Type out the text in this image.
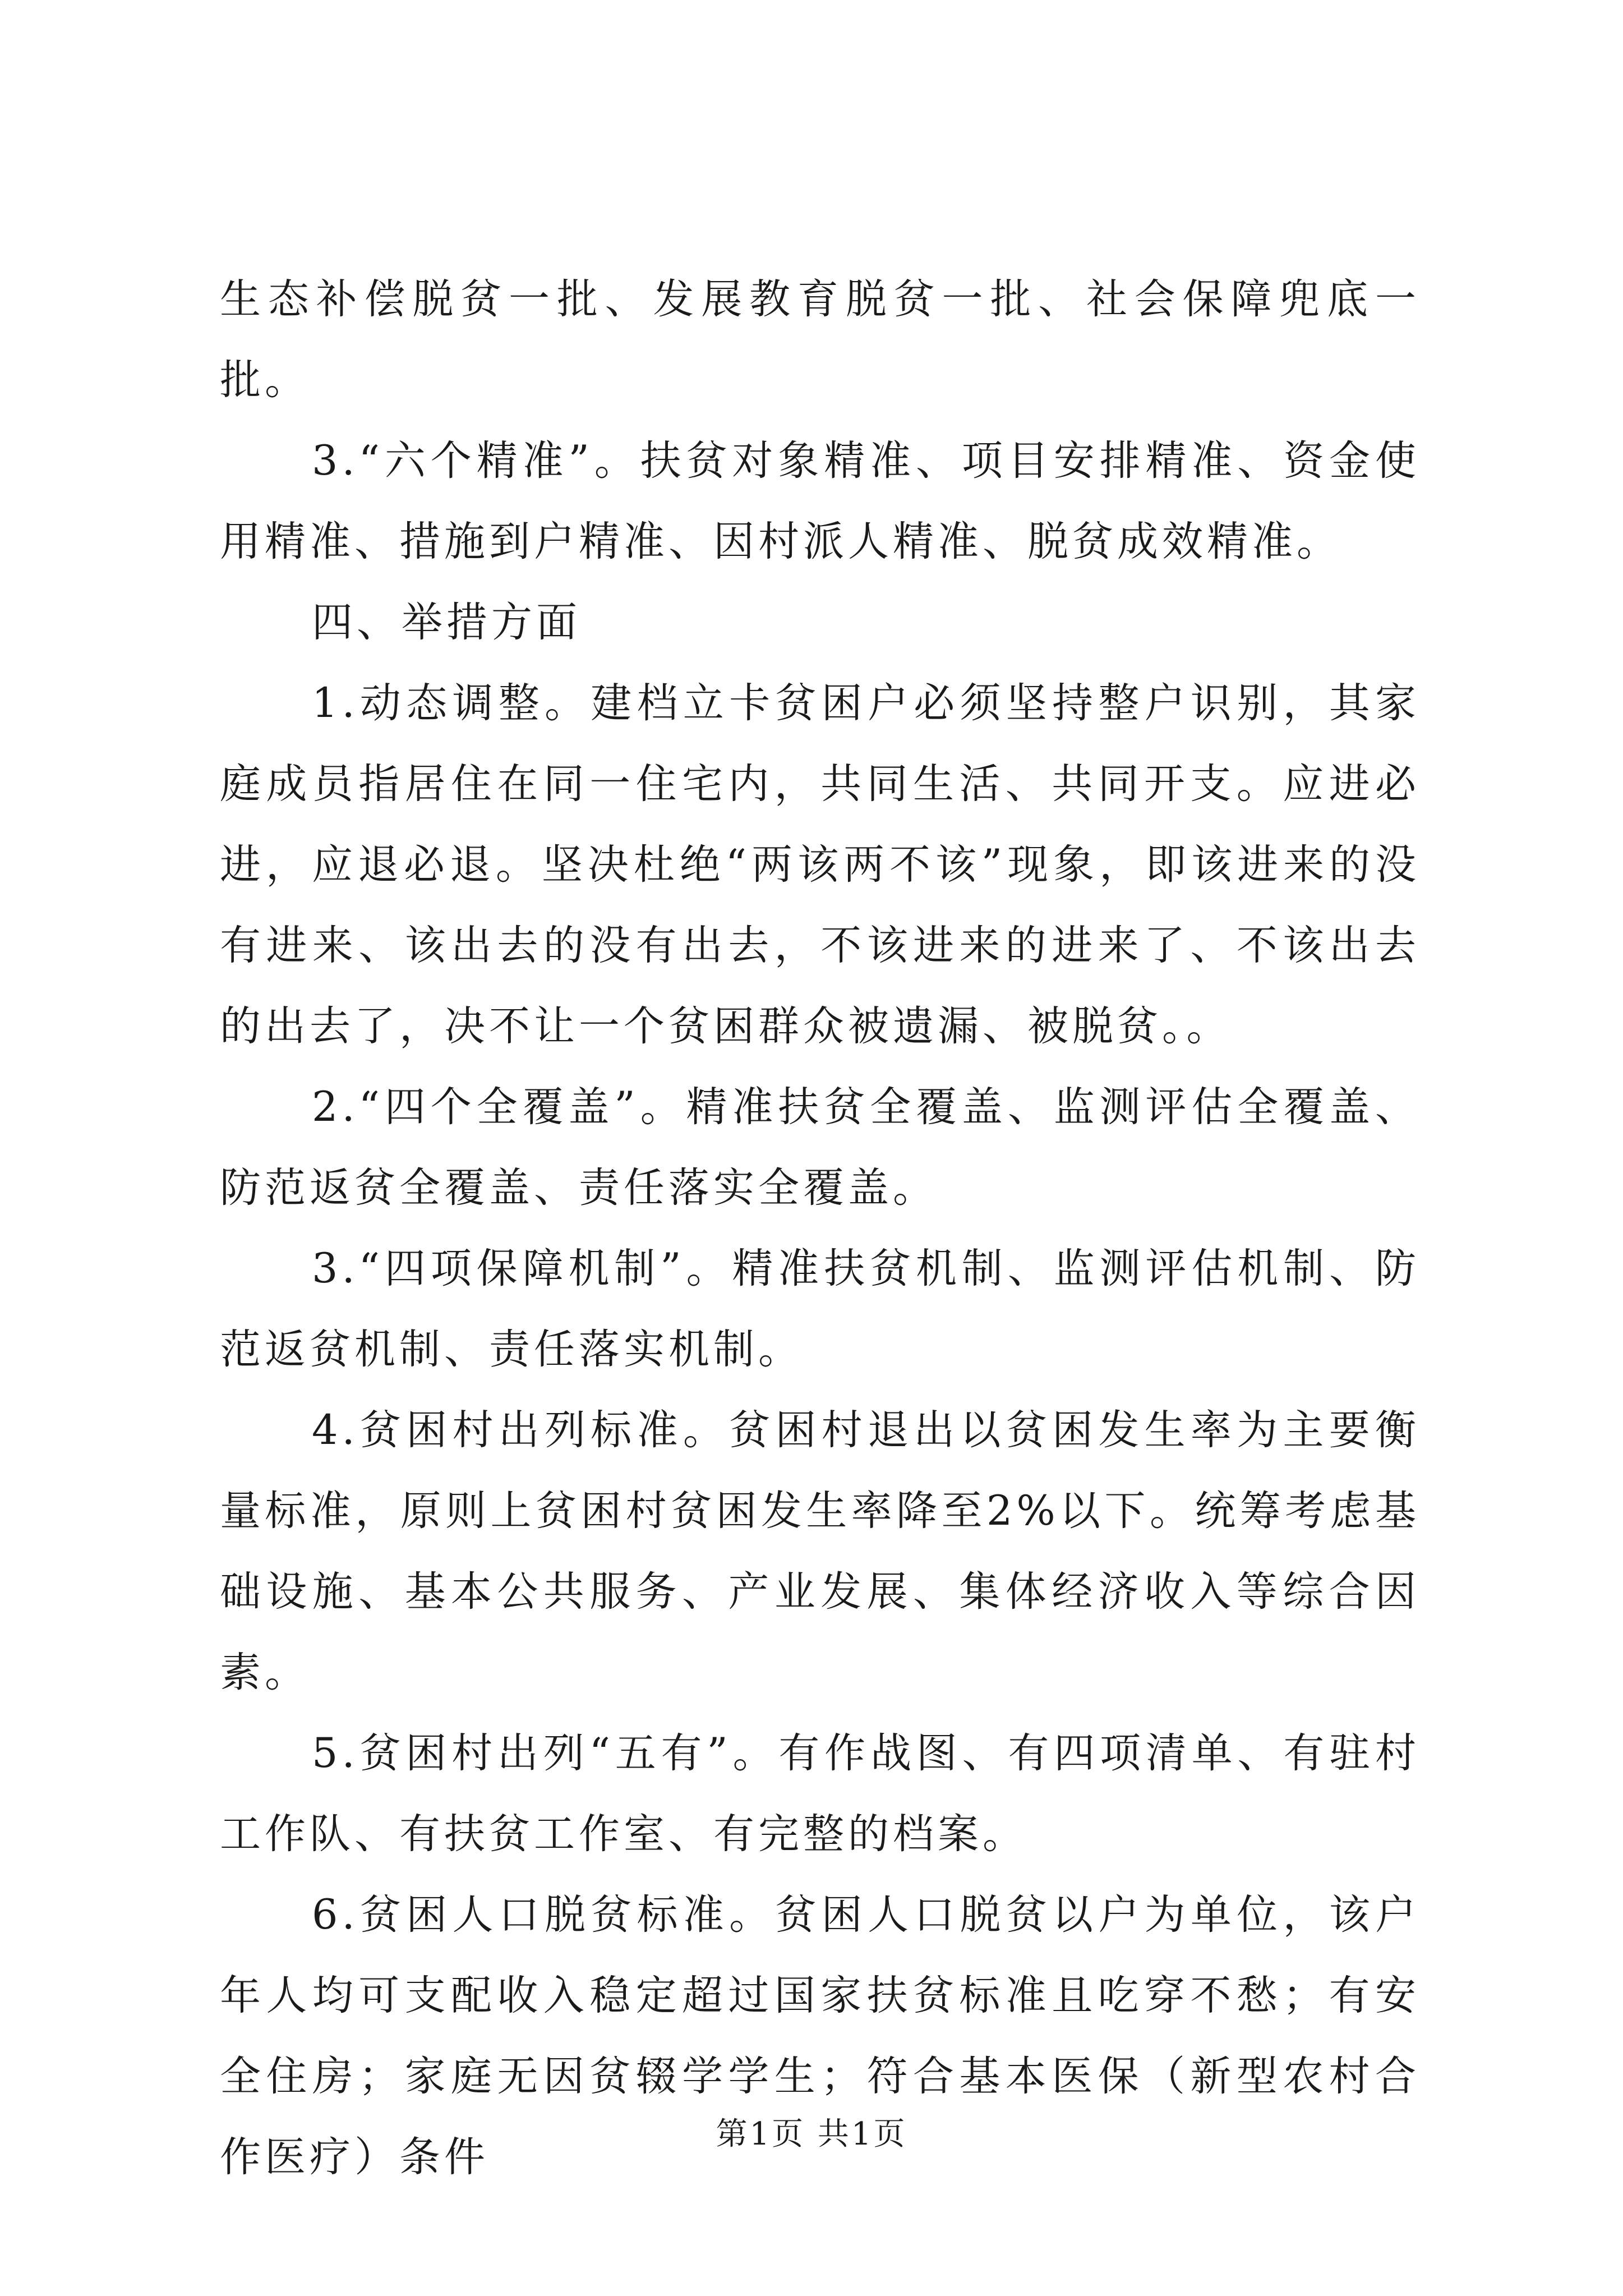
生态补偿脱贫一批、发展教育脱贫一批、社会保障兜底一批。

3.“六个精准”。扶贫对象精准、项目安排精准、资金使用精准、措施到户精准、因村派人精准、脱贫成效精准。

四、举措方面

1.动态调整。建档立卡贫困户必须坚持整户识别，其家庭成员指居住在同一住宅内，共同生活、共同开支。应进必进，应退必退。坚决杜绝“两该两不该”现象，即该进来的没有进来、该出去的没有出去，不该进来的进来了、不该出去的出去了，决不让一个贫困群众被遗漏、被脱贫。。

2.“四个全覆盖”。精准扶贫全覆盖、监测评估全覆盖、防范返贫全覆盖、责任落实全覆盖。

3.“四项保障机制”。精准扶贫机制、监测评估机制、防范返贫机制、责任落实机制。

4.贫困村出列标准。贫困村退出以贫困发生率为主要衡量标准，原则上贫困村贫困发生率降至2%以下。统筹考虑基础设施、基本公共服务、产业发展、集体经济收入等综合因素。

5.贫困村出列“五有”。有作战图、有四项清单、有驻村工作队、有扶贫工作室、有完整的档案。

6.贫困人口脱贫标准。贫困人口脱贫以户为单位，该户年人均可支配收入稳定超过国家扶贫标准且吃穿不愁；有安全住房；家庭无因贫辍学学生；符合基本医保（新型农村合作医疗）条件	第1页 共1页
